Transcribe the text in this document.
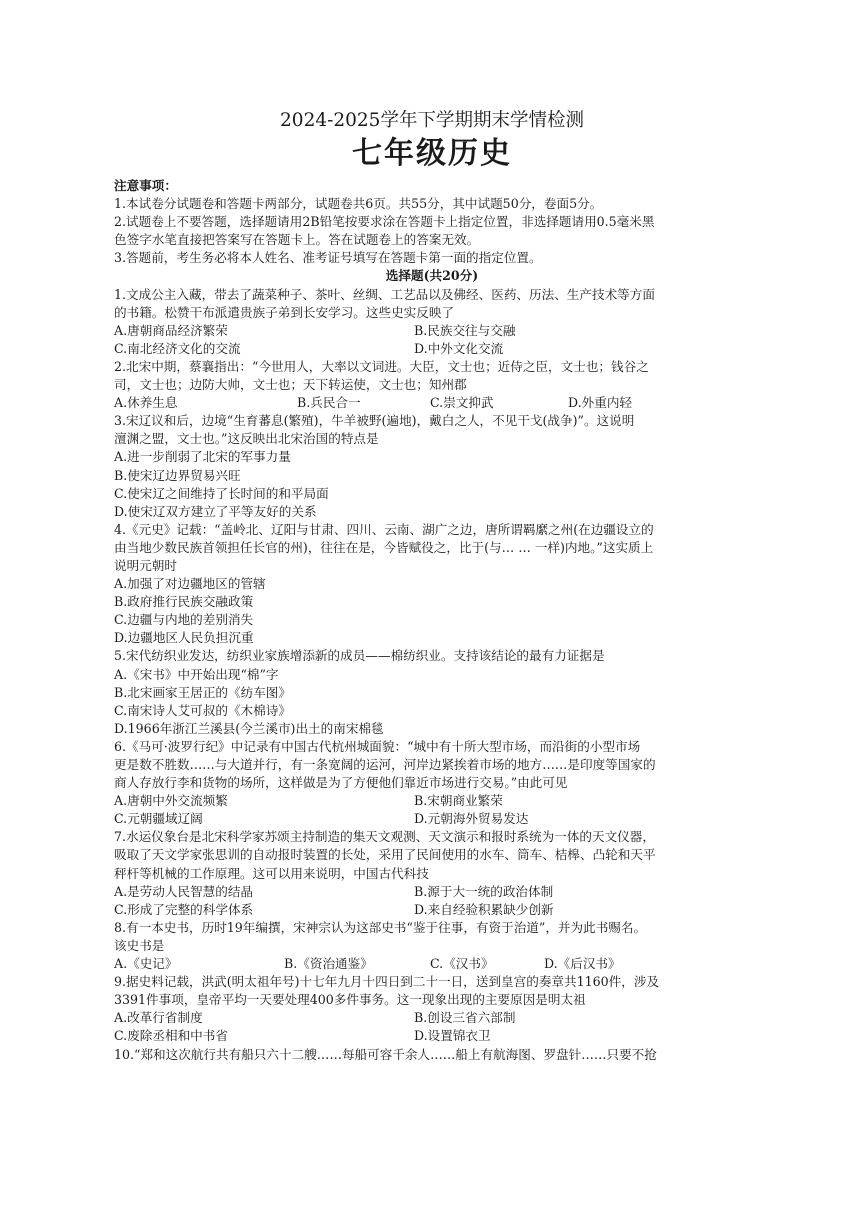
2024-2025学年下学期期末学情检测
七年级历史
注意事项：
1.本试卷分试题卷和答题卡两部分，试题卷共6页。共55分，其中试题50分，卷面5分。
2.试题卷上不要答题，选择题请用2B铅笔按要求涂在答题卡上指定位置，非选择题请用0.5毫米黑
色签字水笔直接把答案写在答题卡上。答在试题卷上的答案无效。
3.答题前，考生务必将本人姓名、准考证号填写在答题卡第一面的指定位置。
选择题(共20分)
1.文成公主入藏，带去了蔬菜种子、茶叶、丝绸、工艺品以及佛经、医药、历法、生产技术等方面
的书籍。松赞干布派遣贵族子弟到长安学习。这些史实反映了
A.唐朝商品经济繁荣	B.民族交往与交融
C.南北经济文化的交流	D.中外文化交流
2.北宋中期，蔡襄指出：“今世用人，大率以文词进。大臣，文士也；近侍之臣，文士也；钱谷之
司，文士也；边防大帅，文士也；天下转运使，文士也；知州郡
A.休养生息	B.兵民合一	C.崇文抑武	D.外重内轻
3.宋辽议和后，边境“生育蕃息(繁殖)，牛羊被野(遍地)，戴白之人，不见干戈(战争)”。这说明
澶渊之盟，文士也。”这反映出北宋治国的特点是
A.进一步削弱了北宋的军事力量
B.使宋辽边界贸易兴旺
C.使宋辽之间维持了长时间的和平局面
D.使宋辽双方建立了平等友好的关系
4.《元史》记载：“盖岭北、辽阳与甘肃、四川、云南、湖广之边，唐所谓羁縻之州(在边疆设立的
由当地少数民族首领担任长官的州)，往往在是，今皆赋役之，比于(与… … 一样)内地。”这实质上
说明元朝时
A.加强了对边疆地区的管辖
B.政府推行民族交融政策
C.边疆与内地的差别消失
D.边疆地区人民负担沉重
5.宋代纺织业发达，纺织业家族增添新的成员——棉纺织业。支持该结论的最有力证据是
A.《宋书》中开始出现“棉”字
B.北宋画家王居正的《纺车图》
C.南宋诗人艾可叔的《木棉诗》
D.1966年浙江兰溪县(今兰溪市)出土的南宋棉毯
6.《马可·波罗行纪》中记录有中国古代杭州城面貌：“城中有十所大型市场，而沿街的小型市场
更是数不胜数……与大道并行，有一条宽阔的运河，河岸边紧挨着市场的地方……是印度等国家的
商人存放行李和货物的场所，这样做是为了方便他们靠近市场进行交易。”由此可见
A.唐朝中外交流频繁	B.宋朝商业繁荣
C.元朝疆域辽阔	D.元朝海外贸易发达
7.水运仪象台是北宋科学家苏颂主持制造的集天文观测、天文演示和报时系统为一体的天文仪器，
吸取了天文学家张思训的自动报时装置的长处，采用了民间使用的水车、筒车、桔槔、凸轮和天平
秤杆等机械的工作原理。这可以用来说明，中国古代科技
A.是劳动人民智慧的结晶	B.源于大一统的政治体制
C.形成了完整的科学体系	D.来自经验积累缺少创新
8.有一本史书，历时19年编撰，宋神宗认为这部史书“鉴于往事，有资于治道”，并为此书赐名。
该史书是
A.《史记》	B.《资治通鉴》	C.《汉书》	D.《后汉书》
9.据史料记载，洪武(明太祖年号)十七年九月十四日到二十一日，送到皇宫的奏章共1160件，涉及
3391件事项，皇帝平均一天要处理400多件事务。这一现象出现的主要原因是明太祖
A.改革行省制度	B.创设三省六部制
C.废除丞相和中书省	D.设置锦衣卫
10.“郑和这次航行共有船只六十二艘……每船可容千余人……船上有航海图、罗盘针……只要不抢
